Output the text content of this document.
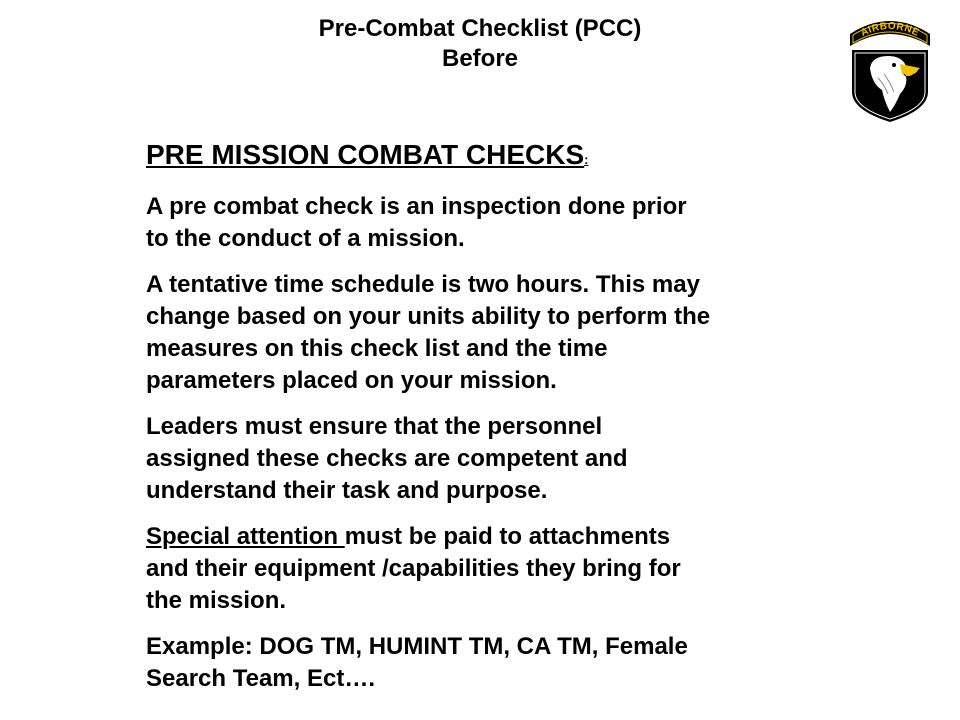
Pre-Combat Checklist (PCC)
Before
AIRBORNE
PRE MISSION COMBAT CHECKS:
A pre combat check is an inspection done prior
to the conduct of a mission.
A tentative time schedule is two hours. This may
change based on your units ability to perform the
measures on this check list and the time
parameters placed on your mission.
Leaders must ensure that the personnel
assigned these checks are competent and
understand their task and purpose.
Special attention must be paid to attachments
and their equipment /capabilities they bring for
the mission.
Example: DOG TM, HUMINT TM, CA TM, Female
Search Team, Ect….
